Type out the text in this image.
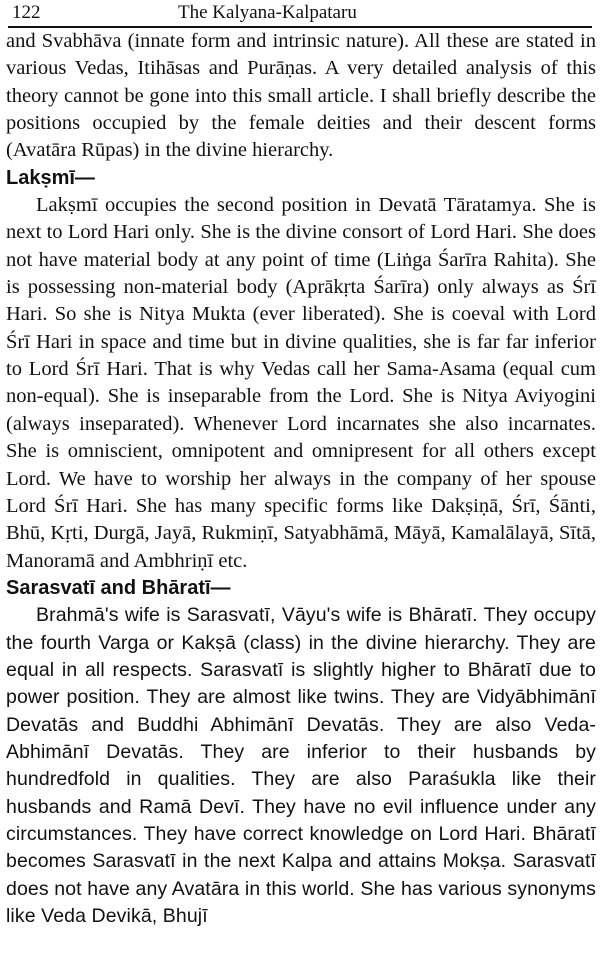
122	The Kalyana-Kalpataru

and Svabhāva (innate form and intrinsic nature). All these are stated in various Vedas, Itihāsas and Purāṇas. A very detailed analysis of this theory cannot be gone into this small article. I shall briefly describe the positions occupied by the female deities and their descent forms (Avatāra Rūpas) in the divine hierarchy.

Lakṣmī—

Lakṣmī occupies the second position in Devatā Tāratamya. She is next to Lord Hari only. She is the divine consort of Lord Hari. She does not have material body at any point of time (Liṅga Śarīra Rahita). She is possessing non-material body (Aprākṛta Śarīra) only always as Śrī Hari. So she is Nitya Mukta (ever liberated). She is coeval with Lord Śrī Hari in space and time but in divine qualities, she is far far inferior to Lord Śrī Hari. That is why Vedas call her Sama-Asama (equal cum non-equal). She is inseparable from the Lord. She is Nitya Aviyogini (always inseparated). Whenever Lord incarnates she also incarnates. She is omniscient, omnipotent and omnipresent for all others except Lord. We have to worship her always in the company of her spouse Lord Śrī Hari. She has many specific forms like Dakṣiṇā, Śrī, Śānti, Bhū, Kṛti, Durgā, Jayā, Rukmiṇī, Satyabhāmā, Māyā, Kamalālayā, Sītā, Manoramā and Ambhriṇī etc.

Sarasvatī and Bhāratī—

Brahmā's wife is Sarasvatī, Vāyu's wife is Bhāratī. They occupy the fourth Varga or Kakṣā (class) in the divine hierarchy. They are equal in all respects. Sarasvatī is slightly higher to Bhāratī due to power position. They are almost like twins. They are Vidyābhimānī Devatās and Buddhi Abhimānī Devatās. They are also Veda-Abhimānī Devatās. They are inferior to their husbands by hundredfold in qualities. They are also Paraśukla like their husbands and Ramā Devī. They have no evil influence under any circumstances. They have correct knowledge on Lord Hari. Bhāratī becomes Sarasvatī in the next Kalpa and attains Mokṣa. Sarasvatī does not have any Avatāra in this world. She has various synonyms like Veda Devikā, Bhujī
